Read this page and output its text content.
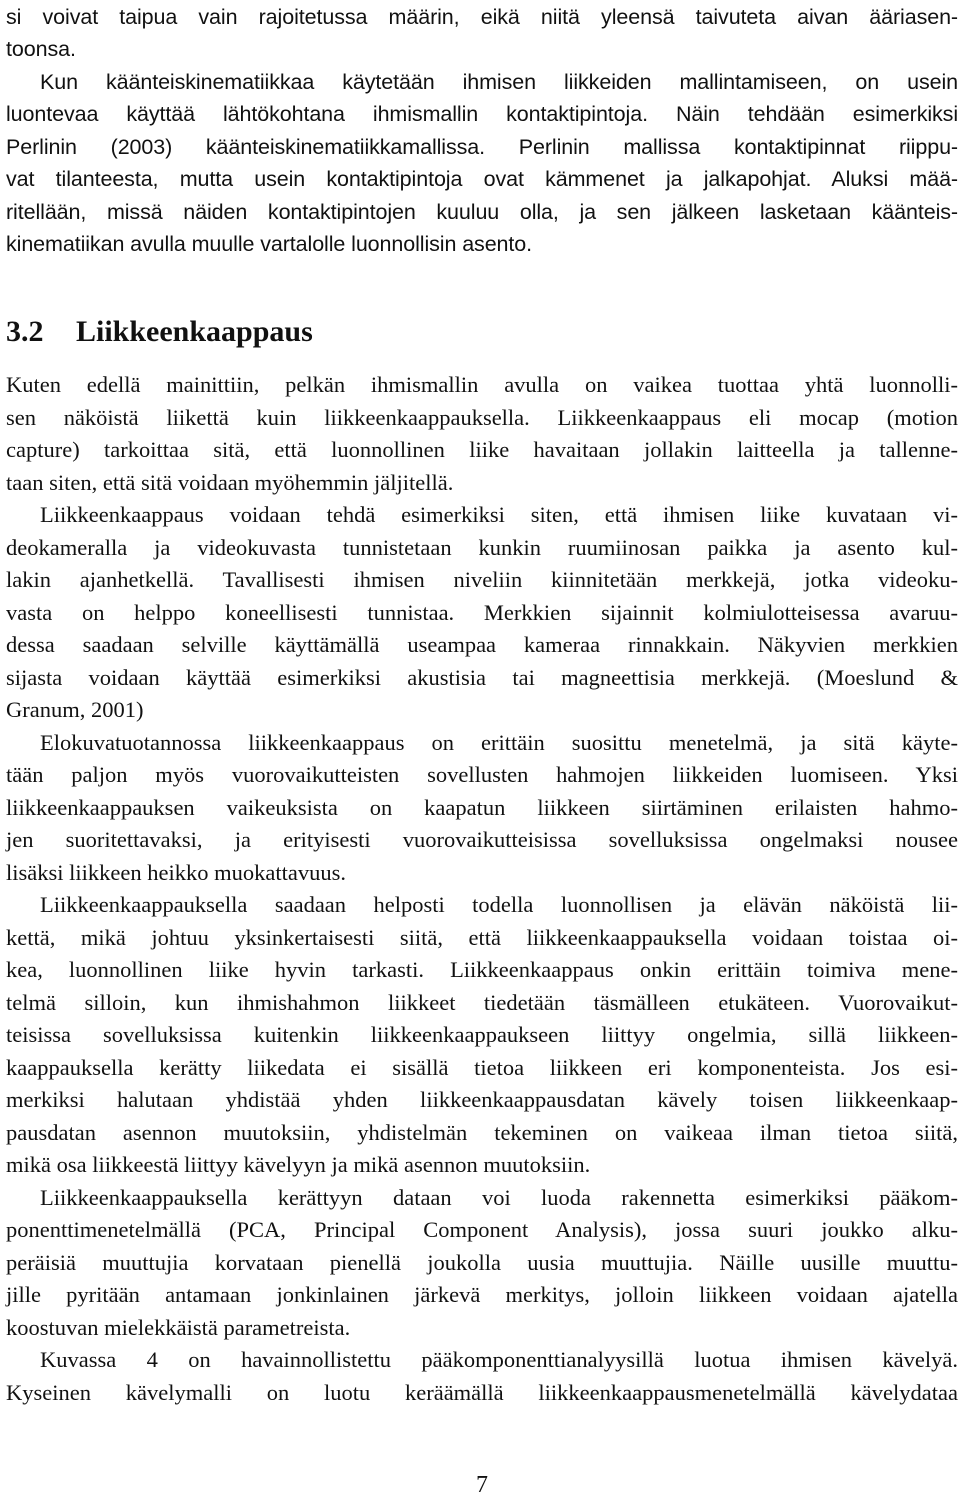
si voivat taipua vain rajoitetussa määrin, eikä niitä yleensä taivuteta aivan ääriasen-
toonsa.
Kun käänteiskinematiikkaa käytetään ihmisen liikkeiden mallintamiseen, on usein
luontevaa käyttää lähtökohtana ihmismallin kontaktipintoja. Näin tehdään esimerkiksi
Perlinin (2003) käänteiskinematiikkamallissa. Perlinin mallissa kontaktipinnat riippu-
vat tilanteesta, mutta usein kontaktipintoja ovat kämmenet ja jalkapohjat. Aluksi mää-
ritellään, missä näiden kontaktipintojen kuuluu olla, ja sen jälkeen lasketaan käänteis-
kinematiikan avulla muulle vartalolle luonnollisin asento.
3.2 Liikkeenkaappaus
Kuten edellä mainittiin, pelkän ihmismallin avulla on vaikea tuottaa yhtä luonnolli-
sen näköistä liikettä kuin liikkeenkaappauksella. Liikkeenkaappaus eli mocap (motion
capture) tarkoittaa sitä, että luonnollinen liike havaitaan jollakin laitteella ja tallenne-
taan siten, että sitä voidaan myöhemmin jäljitellä.
Liikkeenkaappaus voidaan tehdä esimerkiksi siten, että ihmisen liike kuvataan vi-
deokameralla ja videokuvasta tunnistetaan kunkin ruumiinosan paikka ja asento kul-
lakin ajanhetkellä. Tavallisesti ihmisen niveliin kiinnitetään merkkejä, jotka videoku-
vasta on helppo koneellisesti tunnistaa. Merkkien sijainnit kolmiulotteisessa avaruu-
dessa saadaan selville käyttämällä useampaa kameraa rinnakkain. Näkyvien merkkien
sijasta voidaan käyttää esimerkiksi akustisia tai magneettisia merkkejä. (Moeslund &
Granum, 2001)
Elokuvatuotannossa liikkeenkaappaus on erittäin suosittu menetelmä, ja sitä käyte-
tään paljon myös vuorovaikutteisten sovellusten hahmojen liikkeiden luomiseen. Yksi
liikkeenkaappauksen vaikeuksista on kaapatun liikkeen siirtäminen erilaisten hahmo-
jen suoritettavaksi, ja erityisesti vuorovaikutteisissa sovelluksissa ongelmaksi nousee
lisäksi liikkeen heikko muokattavuus.
Liikkeenkaappauksella saadaan helposti todella luonnollisen ja elävän näköistä lii-
kettä, mikä johtuu yksinkertaisesti siitä, että liikkeenkaappauksella voidaan toistaa oi-
kea, luonnollinen liike hyvin tarkasti. Liikkeenkaappaus onkin erittäin toimiva mene-
telmä silloin, kun ihmishahmon liikkeet tiedetään täsmälleen etukäteen. Vuorovaikut-
teisissa sovelluksissa kuitenkin liikkeenkaappaukseen liittyy ongelmia, sillä liikkeen-
kaappauksella kerätty liikedata ei sisällä tietoa liikkeen eri komponenteista. Jos esi-
merkiksi halutaan yhdistää yhden liikkeenkaappausdatan kävely toisen liikkeenkaap-
pausdatan asennon muutoksiin, yhdistelmän tekeminen on vaikeaa ilman tietoa siitä,
mikä osa liikkeestä liittyy kävelyyn ja mikä asennon muutoksiin.
Liikkeenkaappauksella kerättyyn dataan voi luoda rakennetta esimerkiksi pääkom-
ponenttimenetelmällä (PCA, Principal Component Analysis), jossa suuri joukko alku-
peräisiä muuttujia korvataan pienellä joukolla uusia muuttujia. Näille uusille muuttu-
jille pyritään antamaan jonkinlainen järkevä merkitys, jolloin liikkeen voidaan ajatella
koostuvan mielekkäistä parametreista.
Kuvassa 4 on havainnollistettu pääkomponenttianalyysillä luotua ihmisen kävelyä.
Kyseinen kävelymalli on luotu keräämällä liikkeenkaappausmenetelmällä kävelydataa
7
